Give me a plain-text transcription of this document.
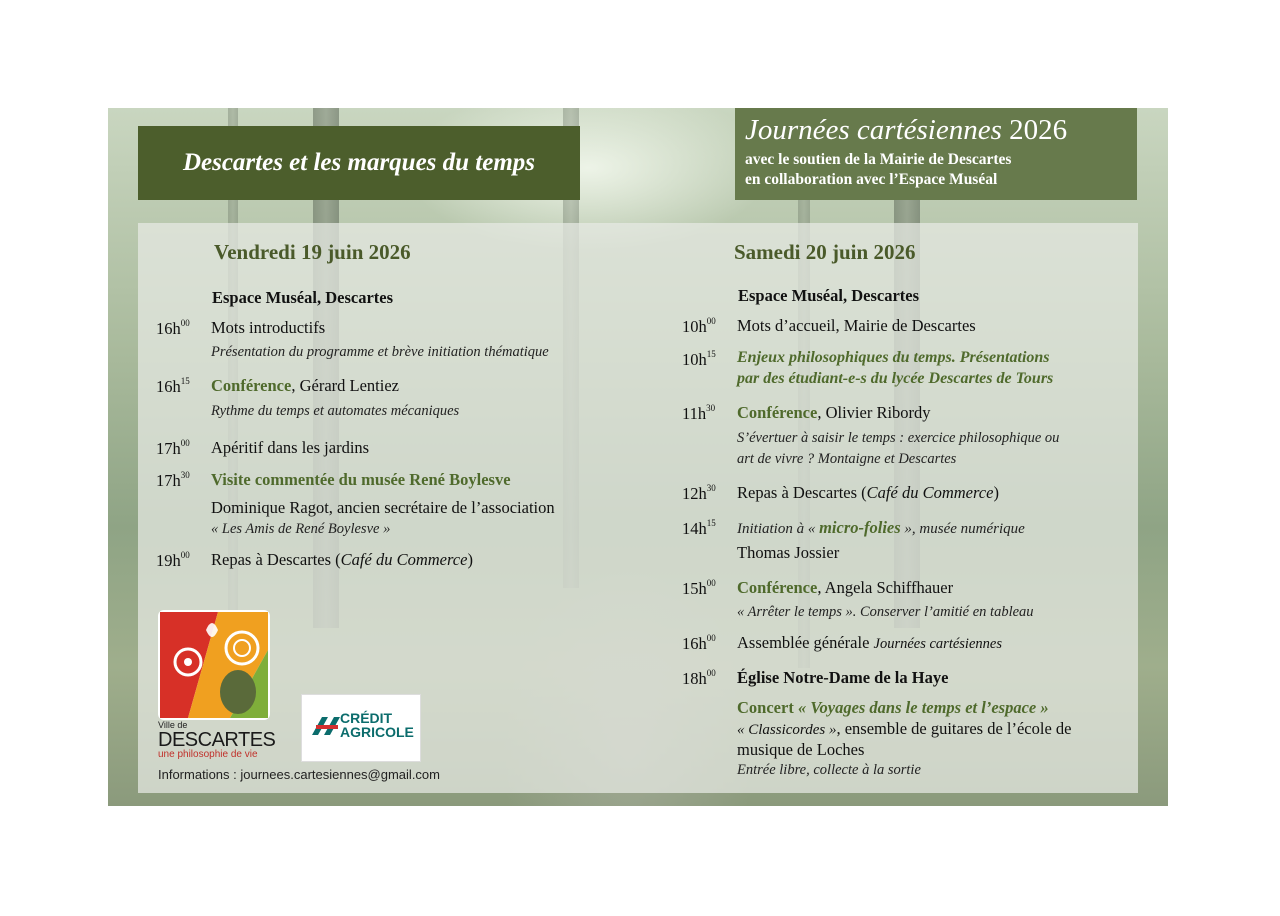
Descartes et les marques du temps
Journées cartésiennes 2026
avec le soutien de la Mairie de Descartes
en collaboration avec l’Espace Muséal
Vendredi 19 juin 2026
Espace Muséal, Descartes
$16h^{00}$ Mots introductifs
Présentation du programme et brève initiation thématique
$16h^{15}$ Conférence, Gérard Lentiez
Rythme du temps et automates mécaniques
$17h^{00}$ Apéritif dans les jardins
$17h^{30}$ Visite commentée du musée René Boylesve
Dominique Ragot, ancien secrétaire de l’association
« Les Amis de René Boylesve »
$19h^{00}$ Repas à Descartes (Café du Commerce)
Samedi 20 juin 2026
Espace Muséal, Descartes
$10h^{00}$ Mots d’accueil, Mairie de Descartes
$10h^{15}$ Enjeux philosophiques du temps. Présentations
par des étudiant-e-s du lycée Descartes de Tours
$11h^{30}$ Conférence, Olivier Ribordy
S’évertuer à saisir le temps : exercice philosophique ou
art de vivre ? Montaigne et Descartes
$12h^{30}$ Repas à Descartes (Café du Commerce)
$14h^{15}$ Initiation à « micro-folies », musée numérique
Thomas Jossier
$15h^{00}$ Conférence, Angela Schiffhauer
« Arrêter le temps ». Conserver l’amitié en tableau
$16h^{00}$ Assemblée générale Journées cartésiennes
$18h^{00}$ Église Notre-Dame de la Haye
Concert « Voyages dans le temps et l’espace »
« Classicordes », ensemble de guitares de l’école de
musique de Loches
Entrée libre, collecte à la sortie
Ville de
DESCARTES
une philosophie de vie
CRÉDIT
AGRICOLE
Informations : journees.cartesiennes@gmail.com
